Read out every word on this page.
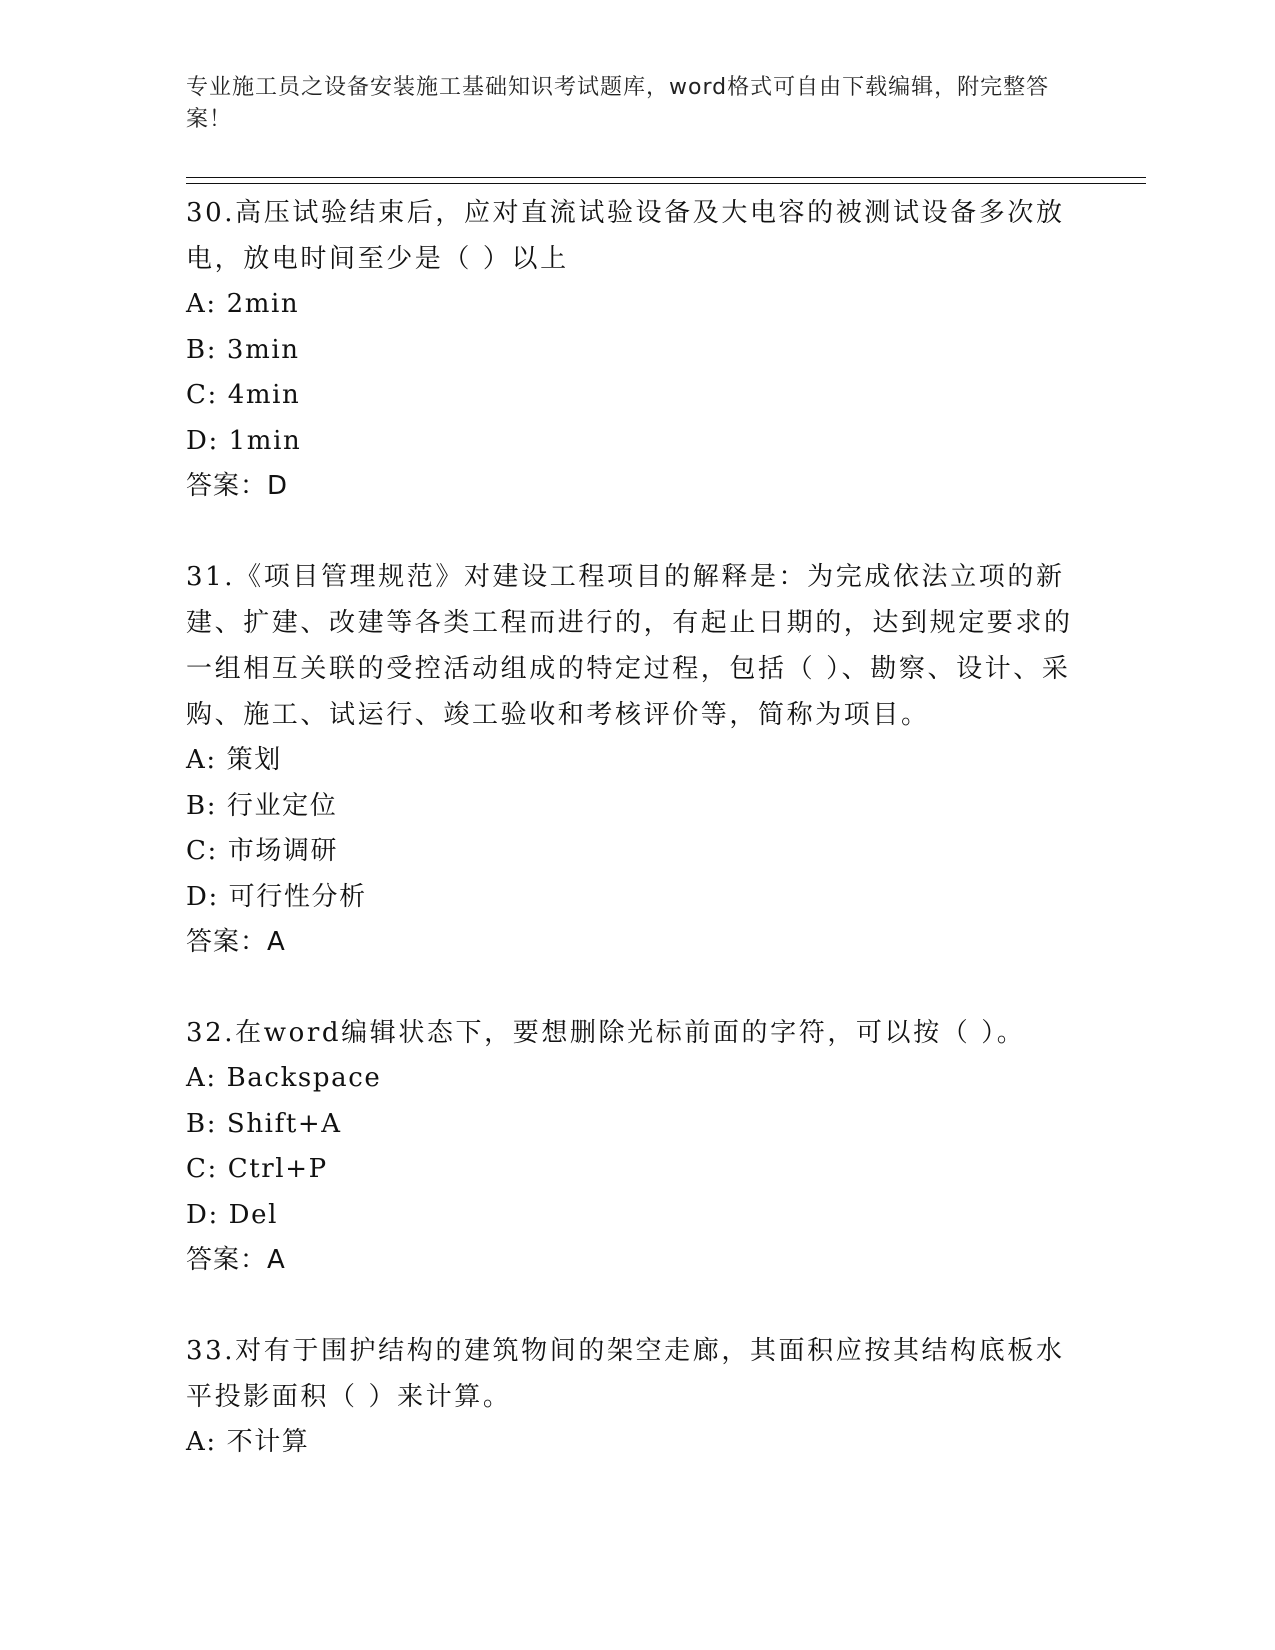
专业施工员之设备安装施工基础知识考试题库，word格式可自由下载编辑，附完整答案！
30.高压试验结束后，应对直流试验设备及大电容的被测试设备多次放电，放电时间至少是（ ）以上
A: 2min
B: 3min
C: 4min
D: 1min
答案：D
31.《项目管理规范》对建设工程项目的解释是：为完成依法立项的新建、扩建、改建等各类工程而进行的，有起止日期的，达到规定要求的一组相互关联的受控活动组成的特定过程，包括（ ）、勘察、设计、采购、施工、试运行、竣工验收和考核评价等，简称为项目。
A: 策划
B: 行业定位
C: 市场调研
D: 可行性分析
答案：A
32.在word编辑状态下，要想删除光标前面的字符，可以按（ ）。
A: Backspace
B: Shift+A
C: Ctrl+P
D: Del
答案：A
33.对有于围护结构的建筑物间的架空走廊，其面积应按其结构底板水平投影面积（ ）来计算。
A: 不计算
